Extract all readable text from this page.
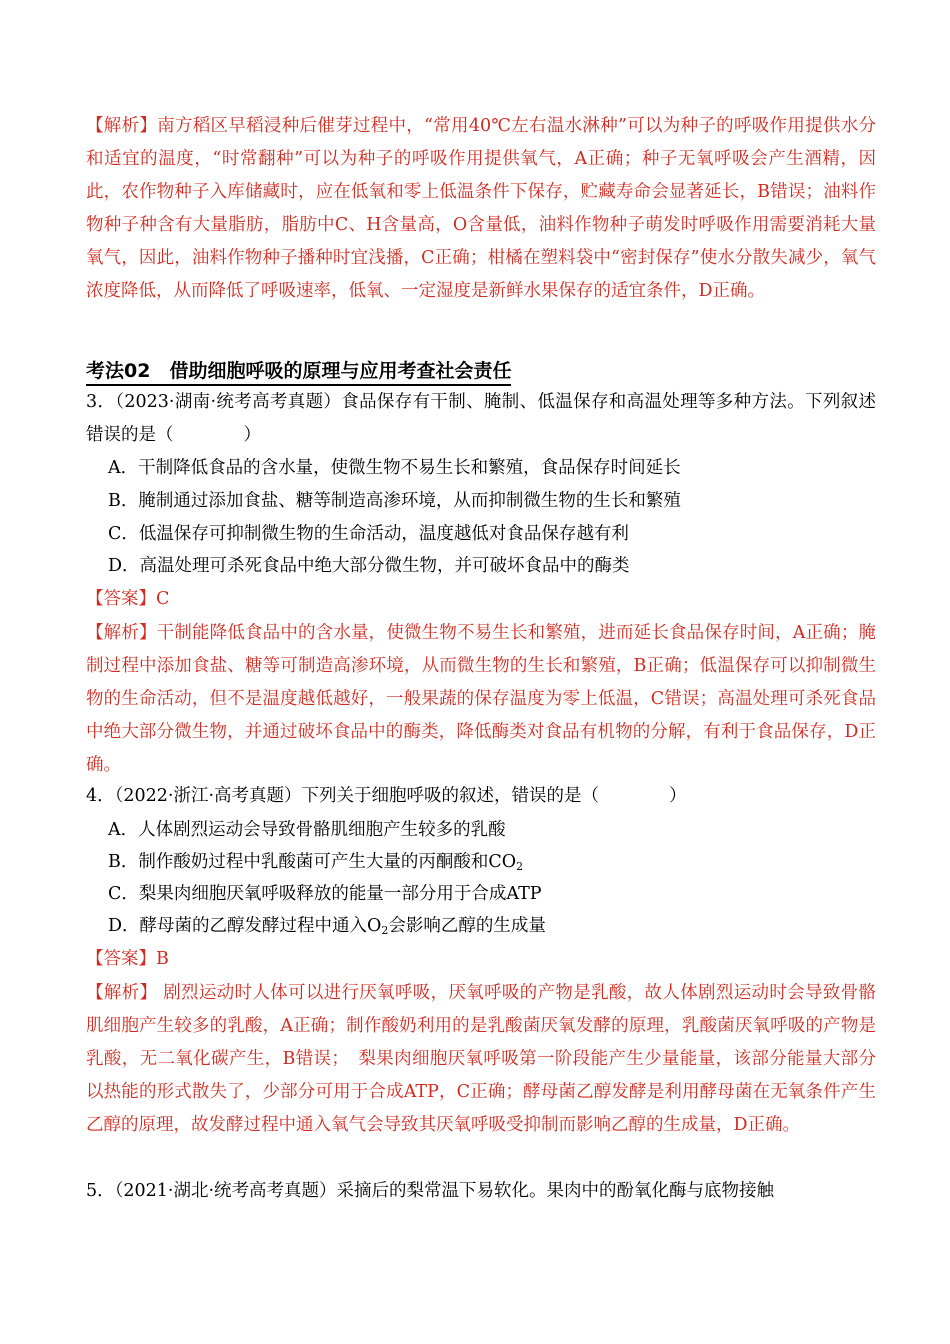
【解析】南方稻区早稻浸种后催芽过程中，“常用40℃左右温水淋种”可以为种子的呼吸作用提供水分和适宜的温度，“时常翻种”可以为种子的呼吸作用提供氧气，A正确；种子无氧呼吸会产生酒精，因此，农作物种子入库储藏时，应在低氧和零上低温条件下保存，贮藏寿命会显著延长，B错误；油料作物种子种含有大量脂肪，脂肪中C、H含量高，O含量低，油料作物种子萌发时呼吸作用需要消耗大量氧气，因此，油料作物种子播种时宜浅播，C正确；柑橘在塑料袋中“密封保存”使水分散失减少，氧气浓度降低，从而降低了呼吸速率，低氧、一定湿度是新鲜水果保存的适宜条件，D正确。

考法02　借助细胞呼吸的原理与应用考查社会责任

3．（2023·湖南·统考高考真题）食品保存有干制、腌制、低温保存和高温处理等多种方法。下列叙述错误的是（　　　　）

A．干制降低食品的含水量，使微生物不易生长和繁殖，食品保存时间延长
B．腌制通过添加食盐、糖等制造高渗环境，从而抑制微生物的生长和繁殖
C．低温保存可抑制微生物的生命活动，温度越低对食品保存越有利
D．高温处理可杀死食品中绝大部分微生物，并可破坏食品中的酶类
【答案】C

【解析】干制能降低食品中的含水量，使微生物不易生长和繁殖，进而延长食品保存时间，A正确；腌制过程中添加食盐、糖等可制造高渗环境，从而微生物的生长和繁殖，B正确；低温保存可以抑制微生物的生命活动，但不是温度越低越好，一般果蔬的保存温度为零上低温，C错误；高温处理可杀死食品中绝大部分微生物，并通过破坏食品中的酶类，降低酶类对食品有机物的分解，有利于食品保存，D正确。

4．（2022·浙江·高考真题）下列关于细胞呼吸的叙述，错误的是（　　　　）

A．人体剧烈运动会导致骨骼肌细胞产生较多的乳酸
B．制作酸奶过程中乳酸菌可产生大量的丙酮酸和$CO_2$
C．梨果肉细胞厌氧呼吸释放的能量一部分用于合成ATP
D．酵母菌的乙醇发酵过程中通入$O_2$会影响乙醇的生成量
【答案】B

【解析】 剧烈运动时人体可以进行厌氧呼吸，厌氧呼吸的产物是乳酸，故人体剧烈运动时会导致骨骼肌细胞产生较多的乳酸，A正确；制作酸奶利用的是乳酸菌厌氧发酵的原理，乳酸菌厌氧呼吸的产物是乳酸，无二氧化碳产生，B错误；　梨果肉细胞厌氧呼吸第一阶段能产生少量能量，该部分能量大部分以热能的形式散失了，少部分可用于合成ATP，C正确；酵母菌乙醇发酵是利用酵母菌在无氧条件产生乙醇的原理，故发酵过程中通入氧气会导致其厌氧呼吸受抑制而影响乙醇的生成量，D正确。

5．（2021·湖北·统考高考真题）采摘后的梨常温下易软化。果肉中的酚氧化酶与底物接触
